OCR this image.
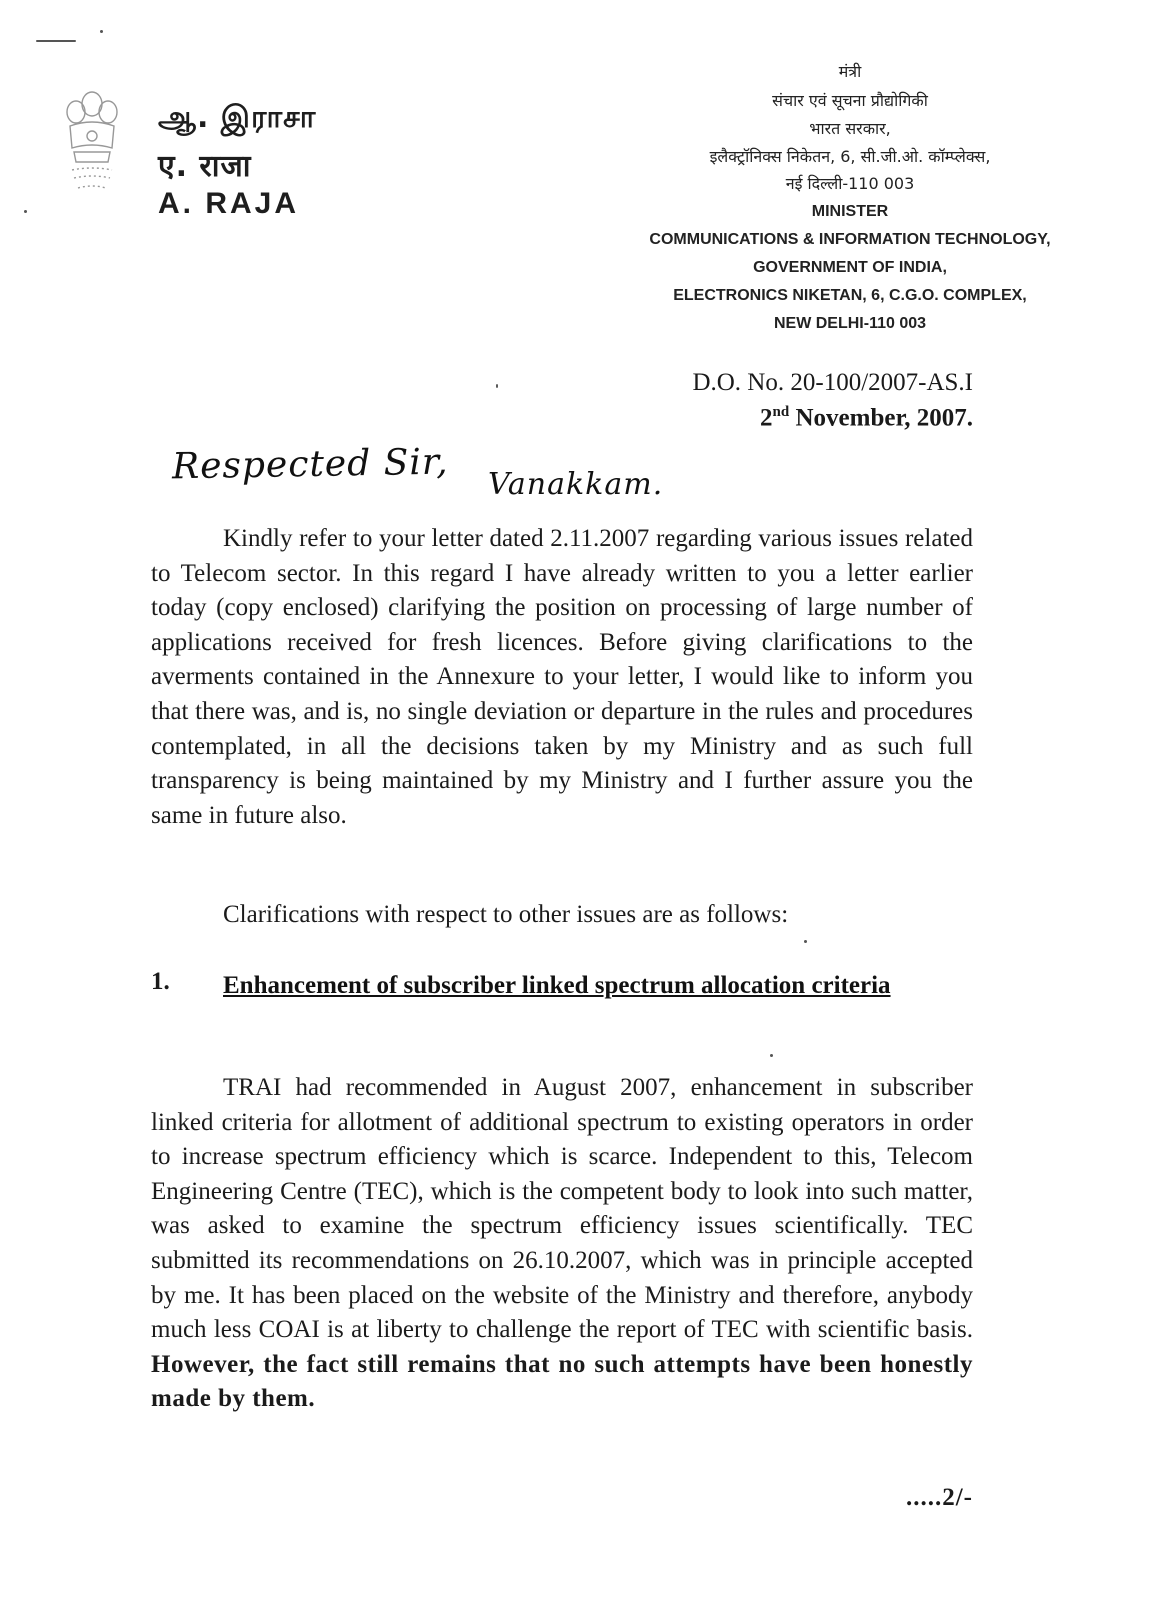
ஆ. இராசா
ए. राजा
A. RAJA
मंत्री
संचार एवं सूचना प्रौद्योगिकी
भारत सरकार,
इलैक्ट्रॉनिक्स निकेतन, 6, सी.जी.ओ. कॉम्प्लेक्स,
नई दिल्ली-110 003
MINISTER
COMMUNICATIONS & INFORMATION TECHNOLOGY,
GOVERNMENT OF INDIA,
ELECTRONICS NIKETAN, 6, C.G.O. COMPLEX,
NEW DELHI-110 003
D.O. No. 20-100/2007-AS.I
2nd November, 2007.
Respected Sir, Vanakkam.
Kindly refer to your letter dated 2.11.2007 regarding various issues related to Telecom sector. In this regard I have already written to you a letter earlier today (copy enclosed) clarifying the position on processing of large number of applications received for fresh licences. Before giving clarifications to the averments contained in the Annexure to your letter, I would like to inform you that there was, and is, no single deviation or departure in the rules and procedures contemplated, in all the decisions taken by my Ministry and as such full transparency is being maintained by my Ministry and I further assure you the same in future also.
Clarifications with respect to other issues are as follows:
1. Enhancement of subscriber linked spectrum allocation criteria
TRAI had recommended in August 2007, enhancement in subscriber linked criteria for allotment of additional spectrum to existing operators in order to increase spectrum efficiency which is scarce. Independent to this, Telecom Engineering Centre (TEC), which is the competent body to look into such matter, was asked to examine the spectrum efficiency issues scientifically. TEC submitted its recommendations on 26.10.2007, which was in principle accepted by me. It has been placed on the website of the Ministry and therefore, anybody much less COAI is at liberty to challenge the report of TEC with scientific basis. However, the fact still remains that no such attempts have been honestly made by them.
.....2/-
